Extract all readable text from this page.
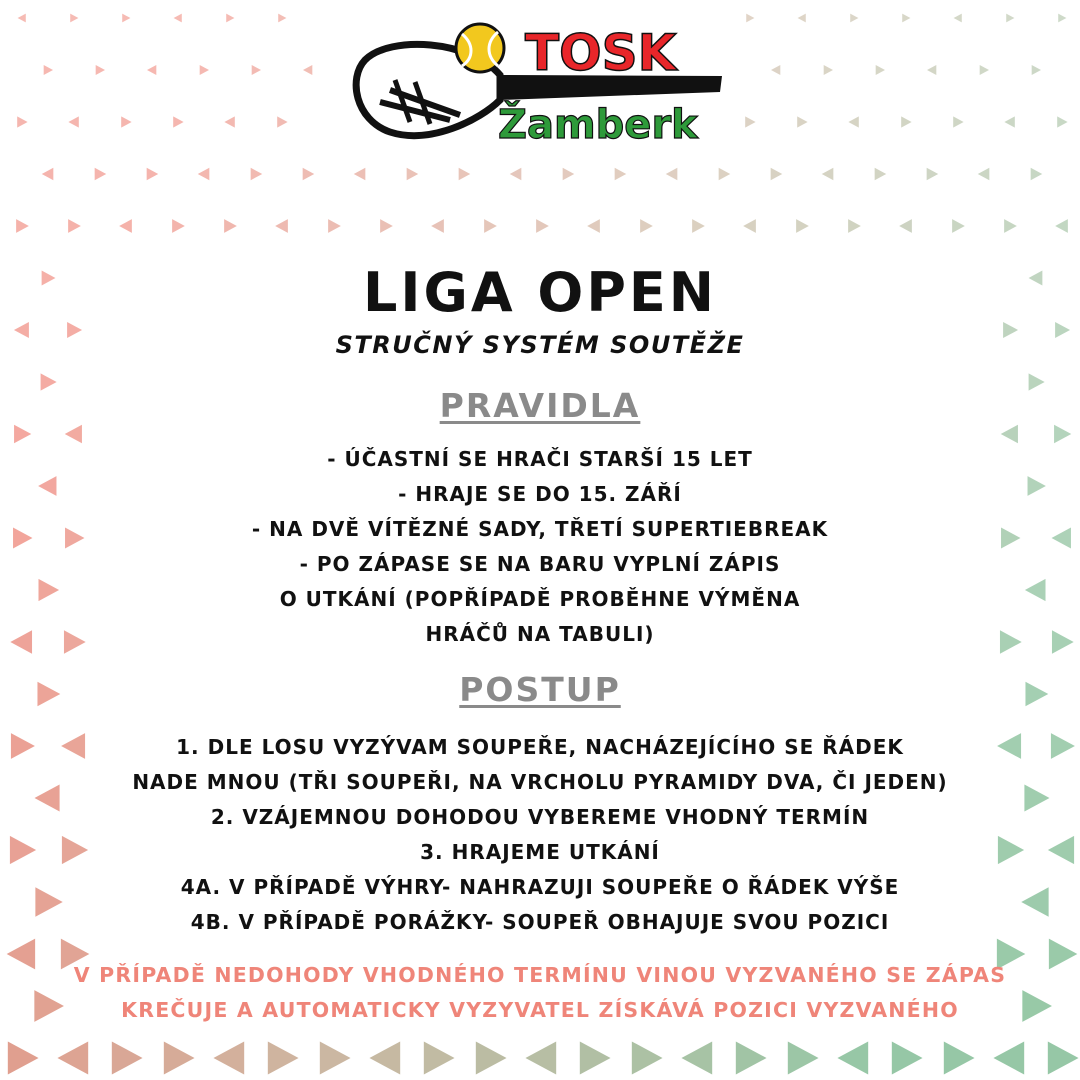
TOSK
Žamberk
LIGA OPEN
STRUČNÝ SYSTÉM SOUTĚŽE
PRAVIDLA
- ÚČASTNÍ SE HRAČI STARŠÍ 15 LET
- HRAJE SE DO 15. ZÁŘÍ
- NA DVĚ VÍTĚZNÉ SADY, TŘETÍ SUPERTIEBREAK
- PO ZÁPASE SE NA BARU VYPLNÍ ZÁPIS
O UTKÁNÍ (POPŘÍPADĚ PROBĚHNE VÝMĚNA
HRÁČŮ NA TABULI)
POSTUP
1. DLE LOSU VYZÝVAM SOUPEŘE, NACHÁZEJÍCÍHO SE ŘÁDEK
NADE MNOU (TŘI SOUPEŘI, NA VRCHOLU PYRAMIDY DVA, ČI JEDEN)
2. VZÁJEMNOU DOHODOU VYBEREME VHODNÝ TERMÍN
3. HRAJEME UTKÁNÍ
4A. V PŘÍPADĚ VÝHRY- NAHRAZUJI SOUPEŘE O ŘÁDEK VÝŠE
4B. V PŘÍPADĚ PORÁŽKY- SOUPEŘ OBHAJUJE SVOU POZICI
V PŘÍPADĚ NEDOHODY VHODNÉHO TERMÍNU VINOU VYZVANÉHO SE ZÁPAS
KREČUJE A AUTOMATICKY VYZYVATEL ZÍSKÁVÁ POZICI VYZVANÉHO
